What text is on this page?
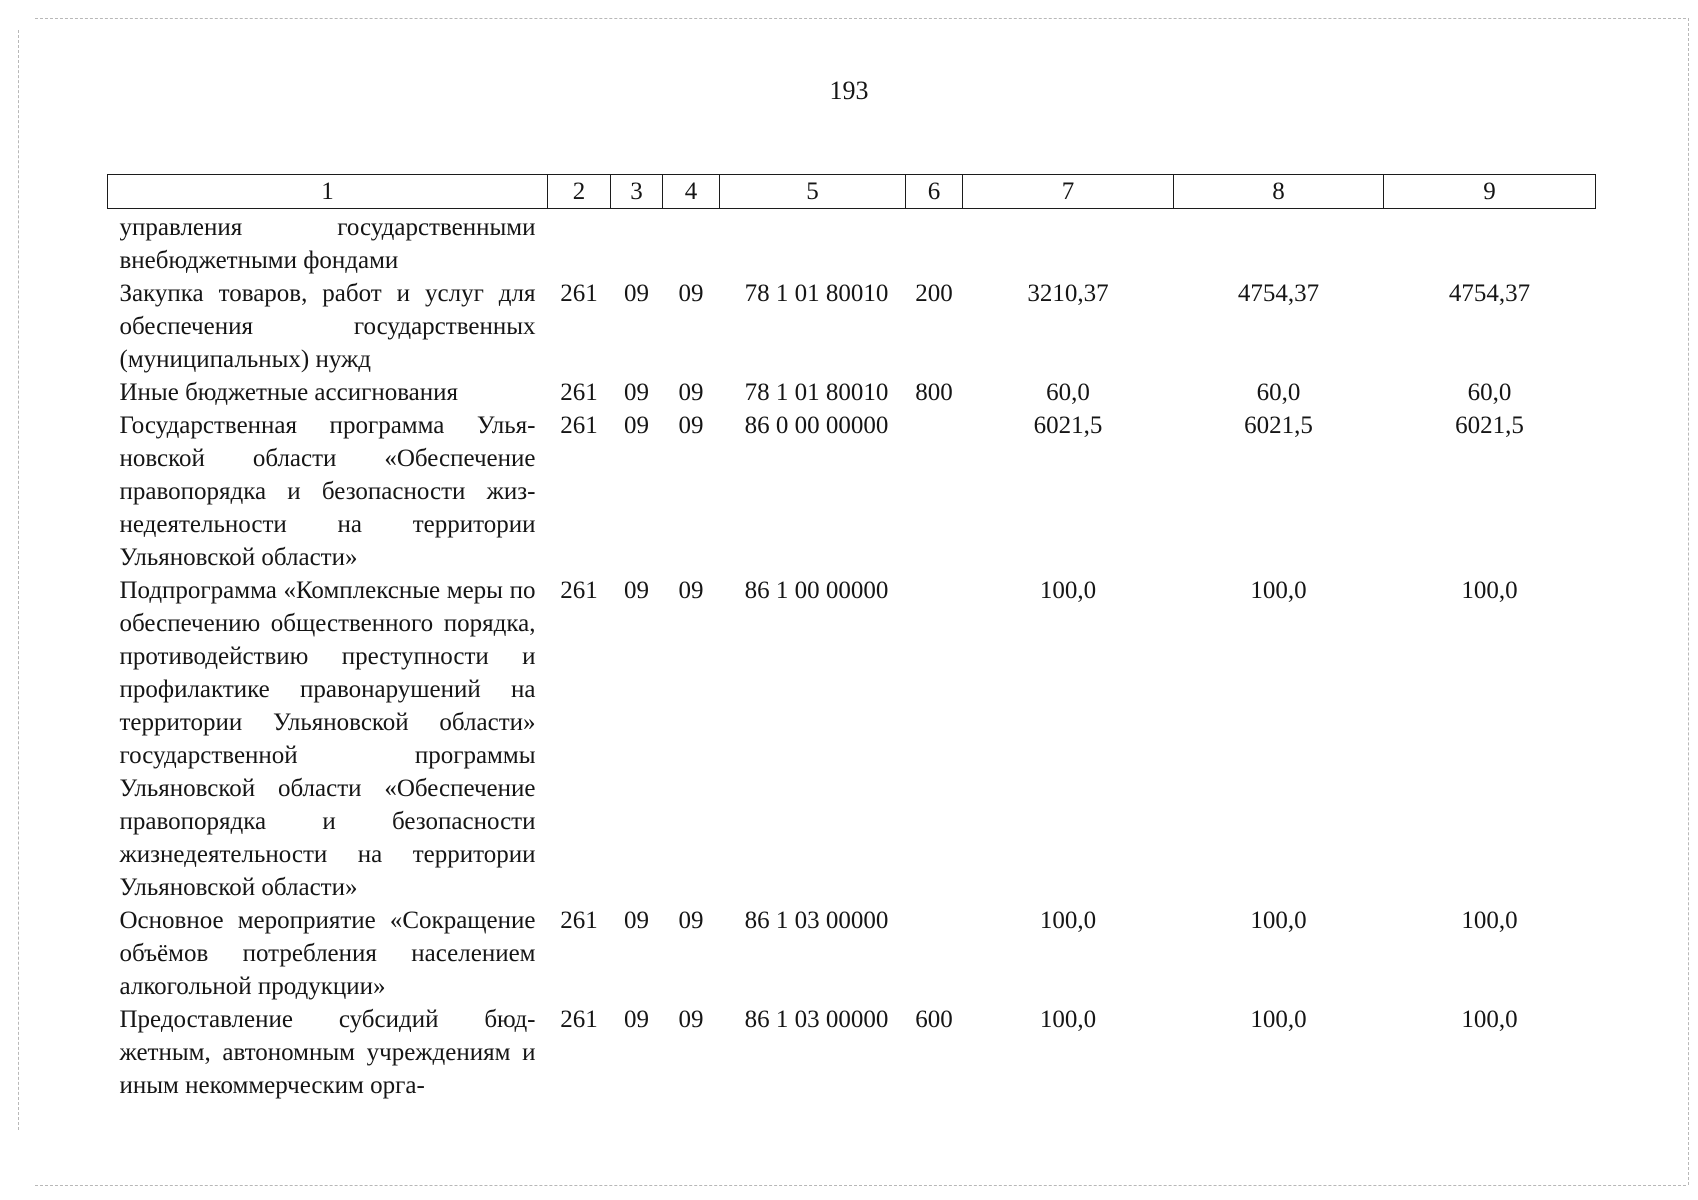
193
1	2	3	4	5	6	7	8	9
управления государственными внебюджетными фондами								
Закупка товаров, работ и услуг для обеспечения государственных (муниципальных) нужд	261	09	09	78 1 01 80010	200	3210,37	4754,37	4754,37
Иные бюджетные ассигнования	261	09	09	78 1 01 80010	800	60,0	60,0	60,0
Государственная программа Ульяновской области «Обеспечение правопорядка и безопасности жизнедеятельности на территории Ульяновской области»	261	09	09	86 0 00 00000		6021,5	6021,5	6021,5
Подпрограмма «Комплексные меры по обеспечению общественного порядка, противодействию преступности и профилактике правонарушений на территории Ульяновской области» государственной программы Ульяновской области «Обеспечение правопорядка и безопасности жизнедеятельности на территории Ульяновской области»	261	09	09	86 1 00 00000		100,0	100,0	100,0
Основное мероприятие «Сокращение объёмов потребления населением алкогольной продукции»	261	09	09	86 1 03 00000		100,0	100,0	100,0
Предоставление субсидий бюджетным, автономным учреждениям и иным некоммерческим орга-	261	09	09	86 1 03 00000	600	100,0	100,0	100,0
